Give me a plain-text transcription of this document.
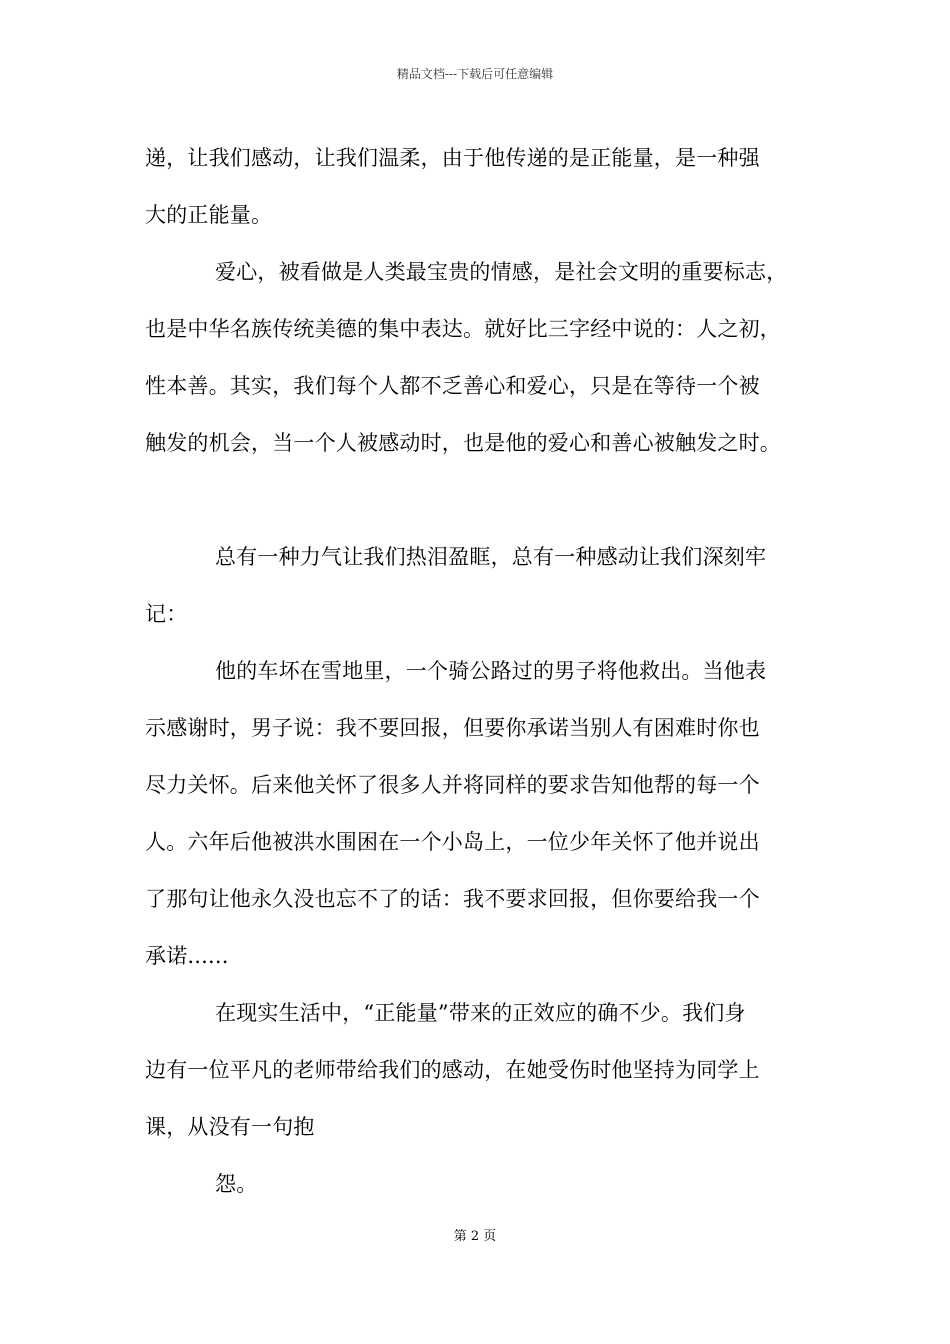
精品文档---下载后可任意编辑
递，让我们感动，让我们温柔，由于他传递的是正能量，是一种强
大的正能量。
爱心，被看做是人类最宝贵的情感，是社会文明的重要标志，
也是中华名族传统美德的集中表达。就好比三字经中说的：人之初，
性本善。其实，我们每个人都不乏善心和爱心，只是在等待一个被
触发的机会，当一个人被感动时，也是他的爱心和善心被触发之时。
总有一种力气让我们热泪盈眶，总有一种感动让我们深刻牢
记：
他的车坏在雪地里，一个骑公路过的男子将他救出。当他表
示感谢时，男子说：我不要回报，但要你承诺当别人有困难时你也
尽力关怀。后来他关怀了很多人并将同样的要求告知他帮的每一个
人。六年后他被洪水围困在一个小岛上，一位少年关怀了他并说出
了那句让他永久没也忘不了的话：我不要求回报，但你要给我一个
承诺......
在现实生活中，“正能量”带来的正效应的确不少。我们身
边有一位平凡的老师带给我们的感动，在她受伤时他坚持为同学上
课，从没有一句抱
怨。
第 2 页
